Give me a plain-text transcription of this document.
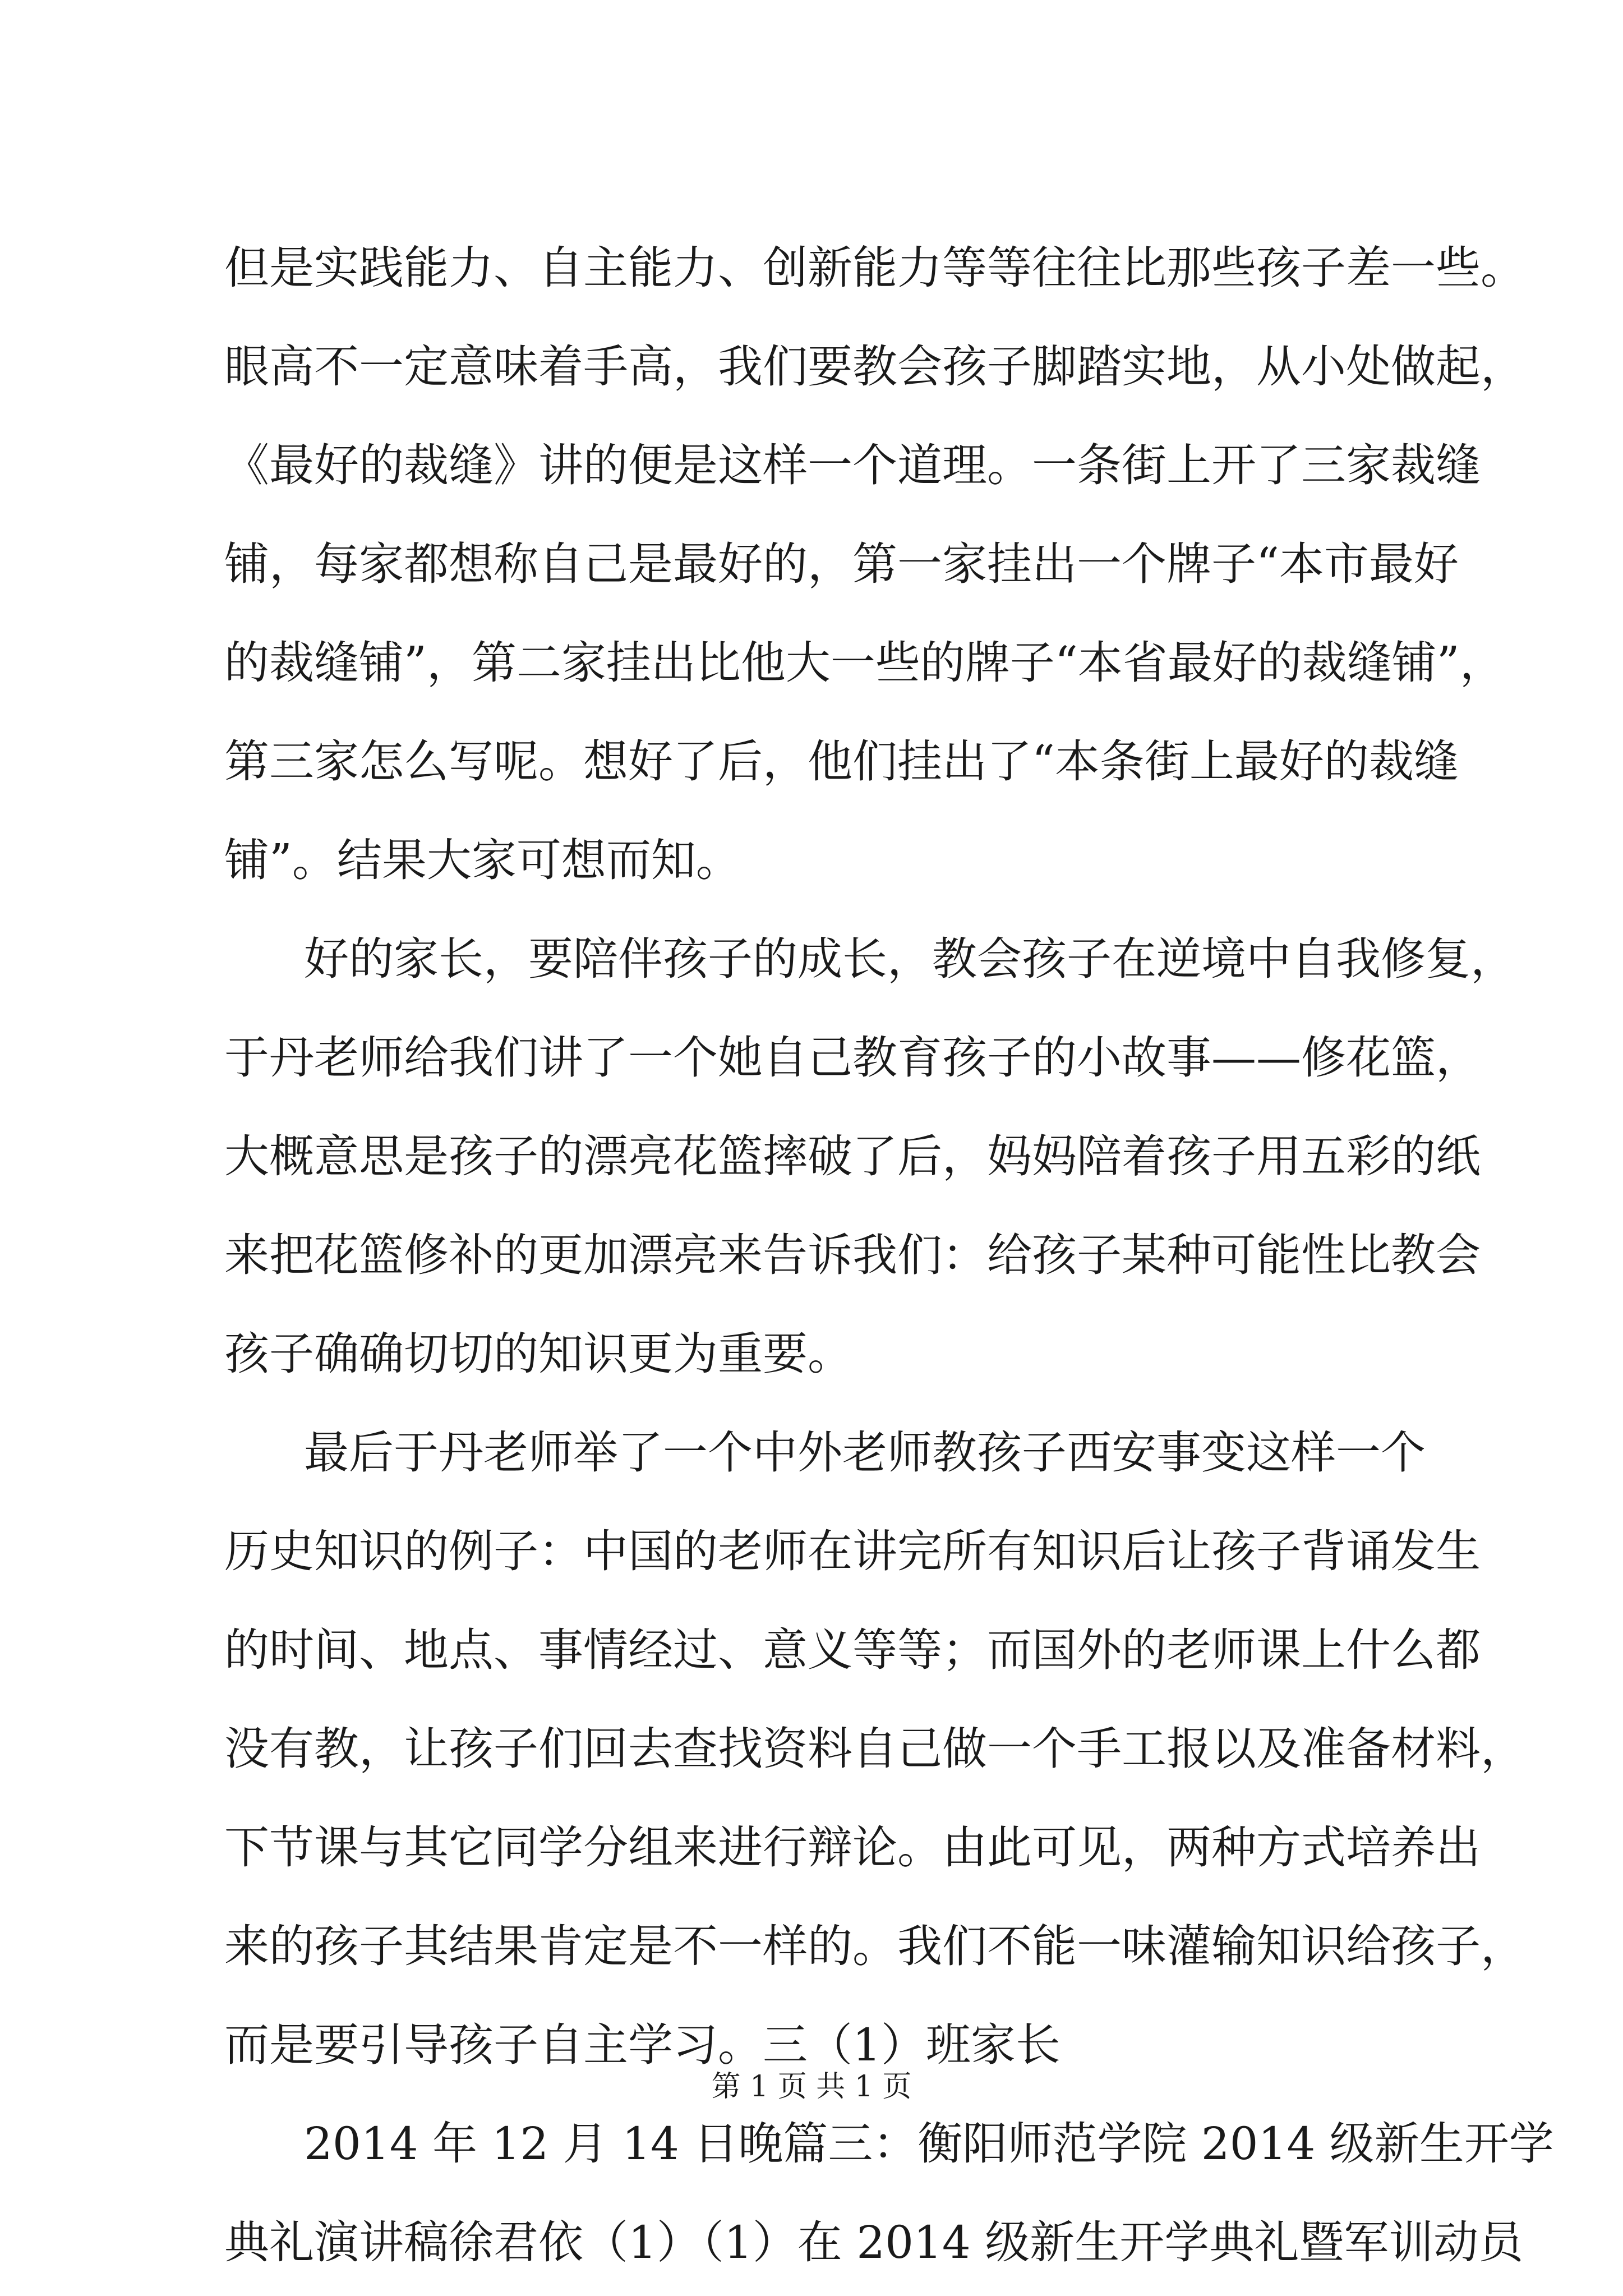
但是实践能力、自主能力、创新能力等等往往比那些孩子差一些。
眼高不一定意味着手高，我们要教会孩子脚踏实地，从小处做起，
《最好的裁缝》讲的便是这样一个道理。一条街上开了三家裁缝
铺，每家都想称自己是最好的，第一家挂出一个牌子“本市最好
的裁缝铺”，第二家挂出比他大一些的牌子“本省最好的裁缝铺”，
第三家怎么写呢。想好了后，他们挂出了“本条街上最好的裁缝
铺”。结果大家可想而知。
好的家长，要陪伴孩子的成长，教会孩子在逆境中自我修复，
于丹老师给我们讲了一个她自己教育孩子的小故事——修花篮，
大概意思是孩子的漂亮花篮摔破了后，妈妈陪着孩子用五彩的纸
来把花篮修补的更加漂亮来告诉我们：给孩子某种可能性比教会
孩子确确切切的知识更为重要。
最后于丹老师举了一个中外老师教孩子西安事变这样一个
历史知识的例子：中国的老师在讲完所有知识后让孩子背诵发生
的时间、地点、事情经过、意义等等；而国外的老师课上什么都
没有教，让孩子们回去查找资料自己做一个手工报以及准备材料，
下节课与其它同学分组来进行辩论。由此可见，两种方式培养出
来的孩子其结果肯定是不一样的。我们不能一味灌输知识给孩子，
而是要引导孩子自主学习。三（1）班家长
2014 年 12 月 14 日晚篇三：衡阳师范学院 2014 级新生开学
典礼演讲稿徐君依（1）（1）在 2014 级新生开学典礼暨军训动员
第 1 页 共 1 页
